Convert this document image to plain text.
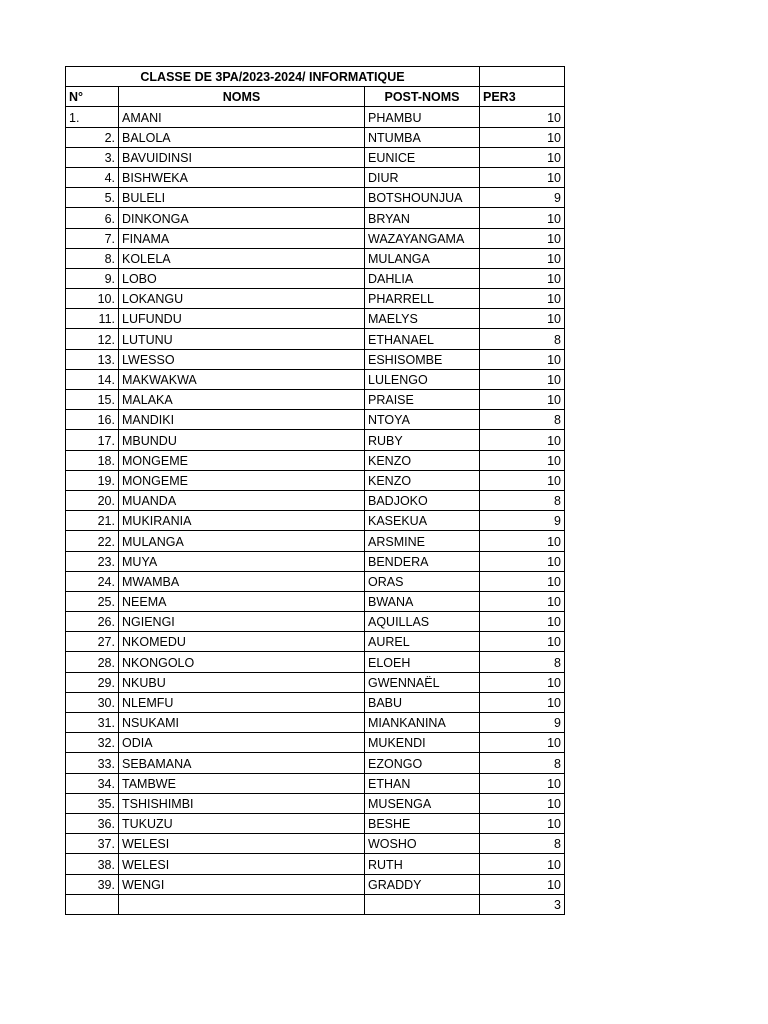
CLASSE DE 3PA/2023-2024/ INFORMATIQUE			
N°	NOMS	POST-NOMS	PER3
1.	AMANI	PHAMBU	10
2.	BALOLA	NTUMBA	10
3.	BAVUIDINSI	EUNICE	10
4.	BISHWEKA	DIUR	10
5.	BULELI	BOTSHOUNJUA	9
6.	DINKONGA	BRYAN	10
7.	FINAMA	WAZAYANGAMA	10
8.	KOLELA	MULANGA	10
9.	LOBO	DAHLIA	10
10.	LOKANGU	PHARRELL	10
11.	LUFUNDU	MAELYS	10
12.	LUTUNU	ETHANAEL	8
13.	LWESSO	ESHISOMBE	10
14.	MAKWAKWA	LULENGO	10
15.	MALAKA	PRAISE	10
16.	MANDIKI	NTOYA	8
17.	MBUNDU	RUBY	10
18.	MONGEME	KENZO	10
19.	MONGEME	KENZO	10
20.	MUANDA	BADJOKO	8
21.	MUKIRANIA	KASEKUA	9
22.	MULANGA	ARSMINE	10
23.	MUYA	BENDERA	10
24.	MWAMBA	ORAS	10
25.	NEEMA	BWANA	10
26.	NGIENGI	AQUILLAS	10
27.	NKOMEDU	AUREL	10
28.	NKONGOLO	ELOEH	8
29.	NKUBU	GWENNAËL	10
30.	NLEMFU	BABU	10
31.	NSUKAMI	MIANKANINA	9
32.	ODIA	MUKENDI	10
33.	SEBAMANA	EZONGO	8
34.	TAMBWE	ETHAN	10
35.	TSHISHIMBI	MUSENGA	10
36.	TUKUZU	BESHE	10
37.	WELESI	WOSHO	8
38.	WELESI	RUTH	10
39.	WENGI	GRADDY	10
			3
